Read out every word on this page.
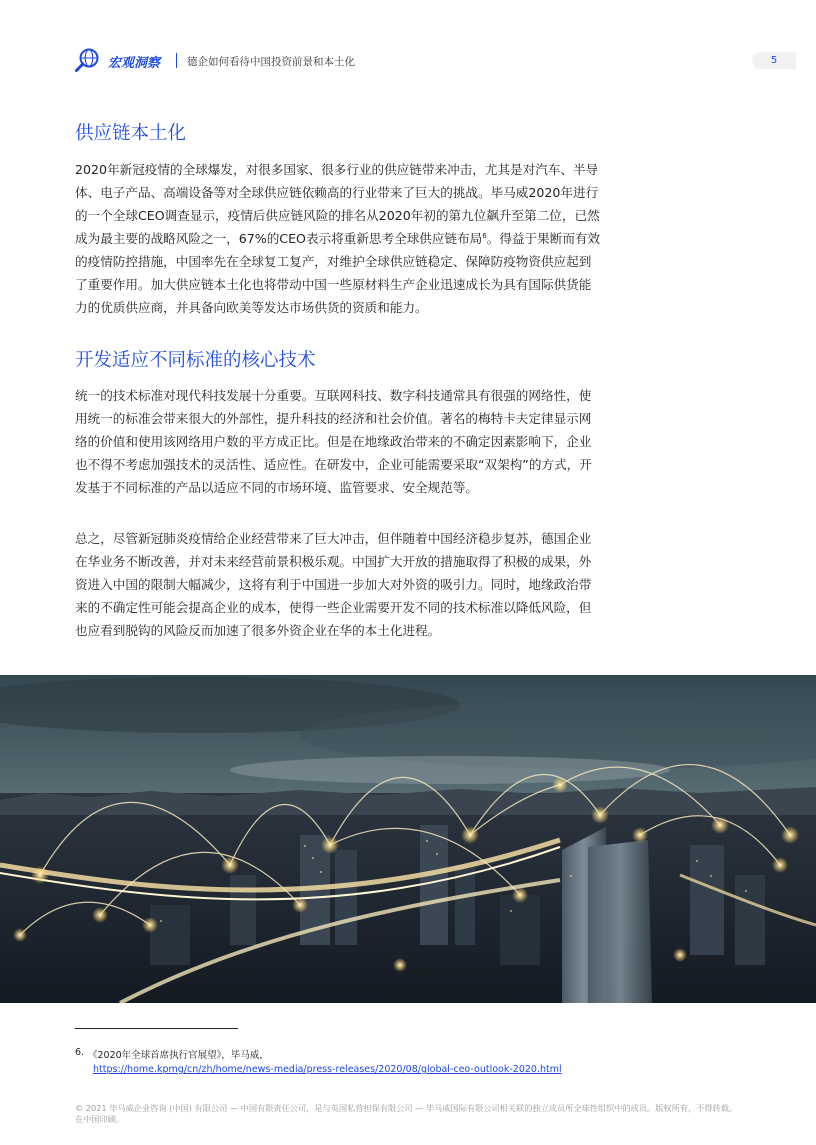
宏观洞察	德企如何看待中国投资前景和本土化	5
供应链本土化

2020年新冠疫情的全球爆发，对很多国家、很多行业的供应链带来冲击，尤其是对汽车、半导体、电子产品、高端设备等对全球供应链依赖高的行业带来了巨大的挑战。毕马威2020年进行的一个全球CEO调查显示，疫情后供应链风险的排名从2020年初的第九位飙升至第二位，已然成为最主要的战略风险之一，67%的CEO表示将重新思考全球供应链布局$^6$。得益于果断而有效的疫情防控措施，中国率先在全球复工复产，对维护全球供应链稳定、保障防疫物资供应起到了重要作用。加大供应链本土化也将带动中国一些原材料生产企业迅速成长为具有国际供货能力的优质供应商，并具备向欧美等发达市场供货的资质和能力。

开发适应不同标准的核心技术

统一的技术标准对现代科技发展十分重要。互联网科技、数字科技通常具有很强的网络性，使用统一的标准会带来很大的外部性，提升科技的经济和社会价值。著名的梅特卡夫定律显示网络的价值和使用该网络用户数的平方成正比。但是在地缘政治带来的不确定因素影响下，企业也不得不考虑加强技术的灵活性、适应性。在研发中，企业可能需要采取“双架构”的方式，开发基于不同标准的产品以适应不同的市场环境、监管要求、安全规范等。

总之，尽管新冠肺炎疫情给企业经营带来了巨大冲击，但伴随着中国经济稳步复苏，德国企业在华业务不断改善，并对未来经营前景积极乐观。中国扩大开放的措施取得了积极的成果，外资进入中国的限制大幅减少，这将有利于中国进一步加大对外资的吸引力。同时，地缘政治带来的不确定性可能会提高企业的成本，使得一些企业需要开发不同的技术标准以降低风险，但也应看到脱钩的风险反而加速了很多外资企业在华的本土化进程。

6. 《2020年全球首席执行官展望》，毕马威，
https://home.kpmg/cn/zh/home/news-media/press-releases/2020/08/global-ceo-outlook-2020.html
© 2021 毕马威企业咨询 (中国) 有限公司 — 中国有限责任公司，是与英国私营担保有限公司 — 毕马威国际有限公司相关联的独立成员所全球性组织中的成员。版权所有，不得转载。在中国印刷。
